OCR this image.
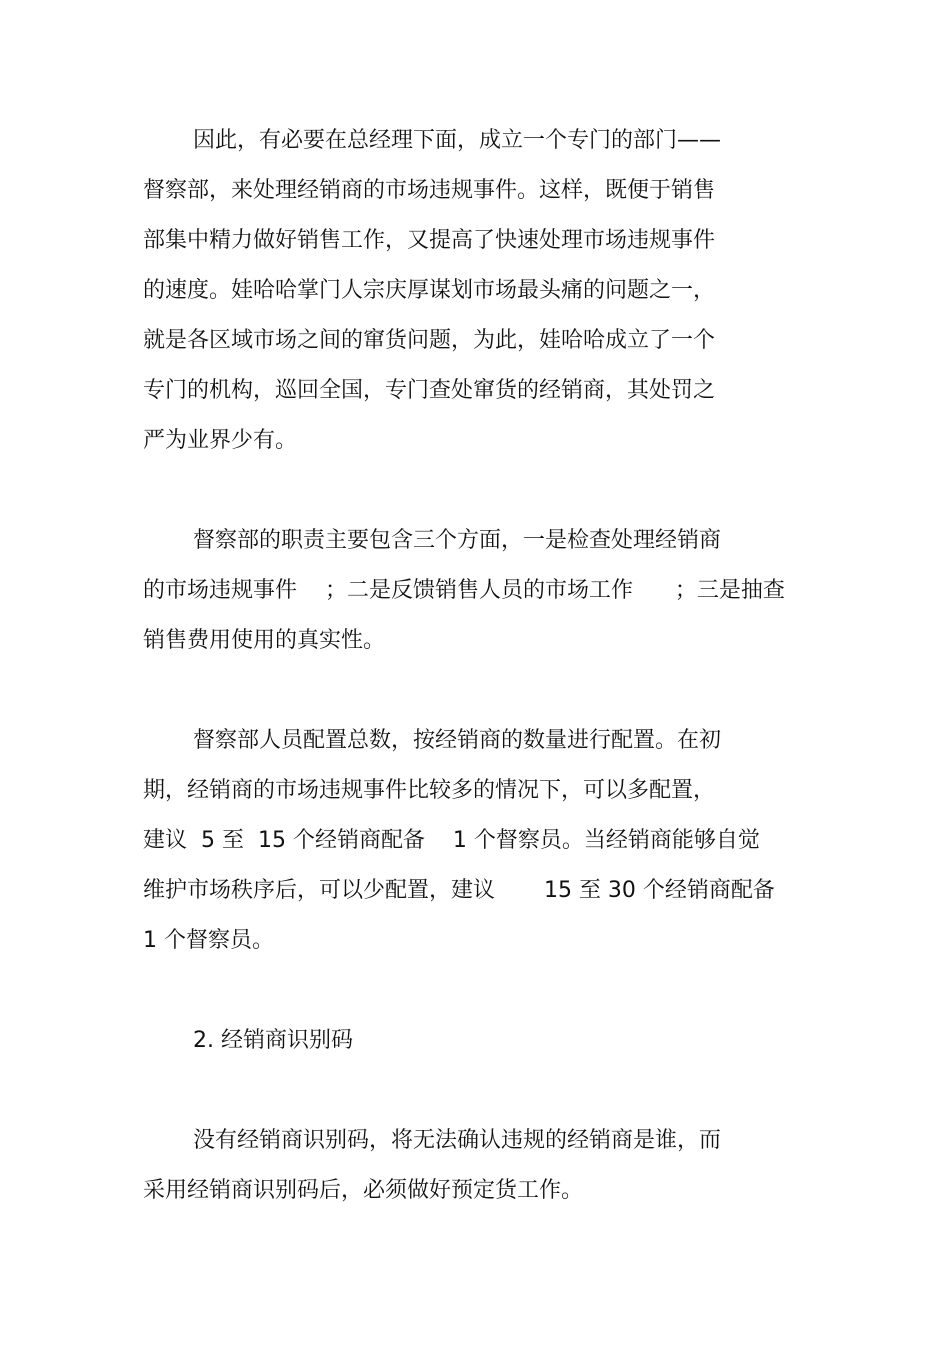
因此，有必要在总经理下面，成立一个专门的部门——
督察部，来处理经销商的市场违规事件。这样，既便于销售
部集中精力做好销售工作，又提高了快速处理市场违规事件
的速度。娃哈哈掌门人宗庆厚谋划市场最头痛的问题之一，
就是各区域市场之间的窜货问题，为此，娃哈哈成立了一个
专门的机构，巡回全国，专门查处窜货的经销商，其处罚之
严为业界少有。
督察部的职责主要包含三个方面，一是检查处理经销商
的市场违规事件    ；二是反馈销售人员的市场工作      ；三是抽查
销售费用使用的真实性。
督察部人员配置总数，按经销商的数量进行配置。在初
期，经销商的市场违规事件比较多的情况下，可以多配置，
建议  5 至  15 个经销商配备    1 个督察员。当经销商能够自觉
维护市场秩序后，可以少配置，建议       15 至 30 个经销商配备
1 个督察员。
2. 经销商识别码
没有经销商识别码，将无法确认违规的经销商是谁，而
采用经销商识别码后，必须做好预定货工作。
